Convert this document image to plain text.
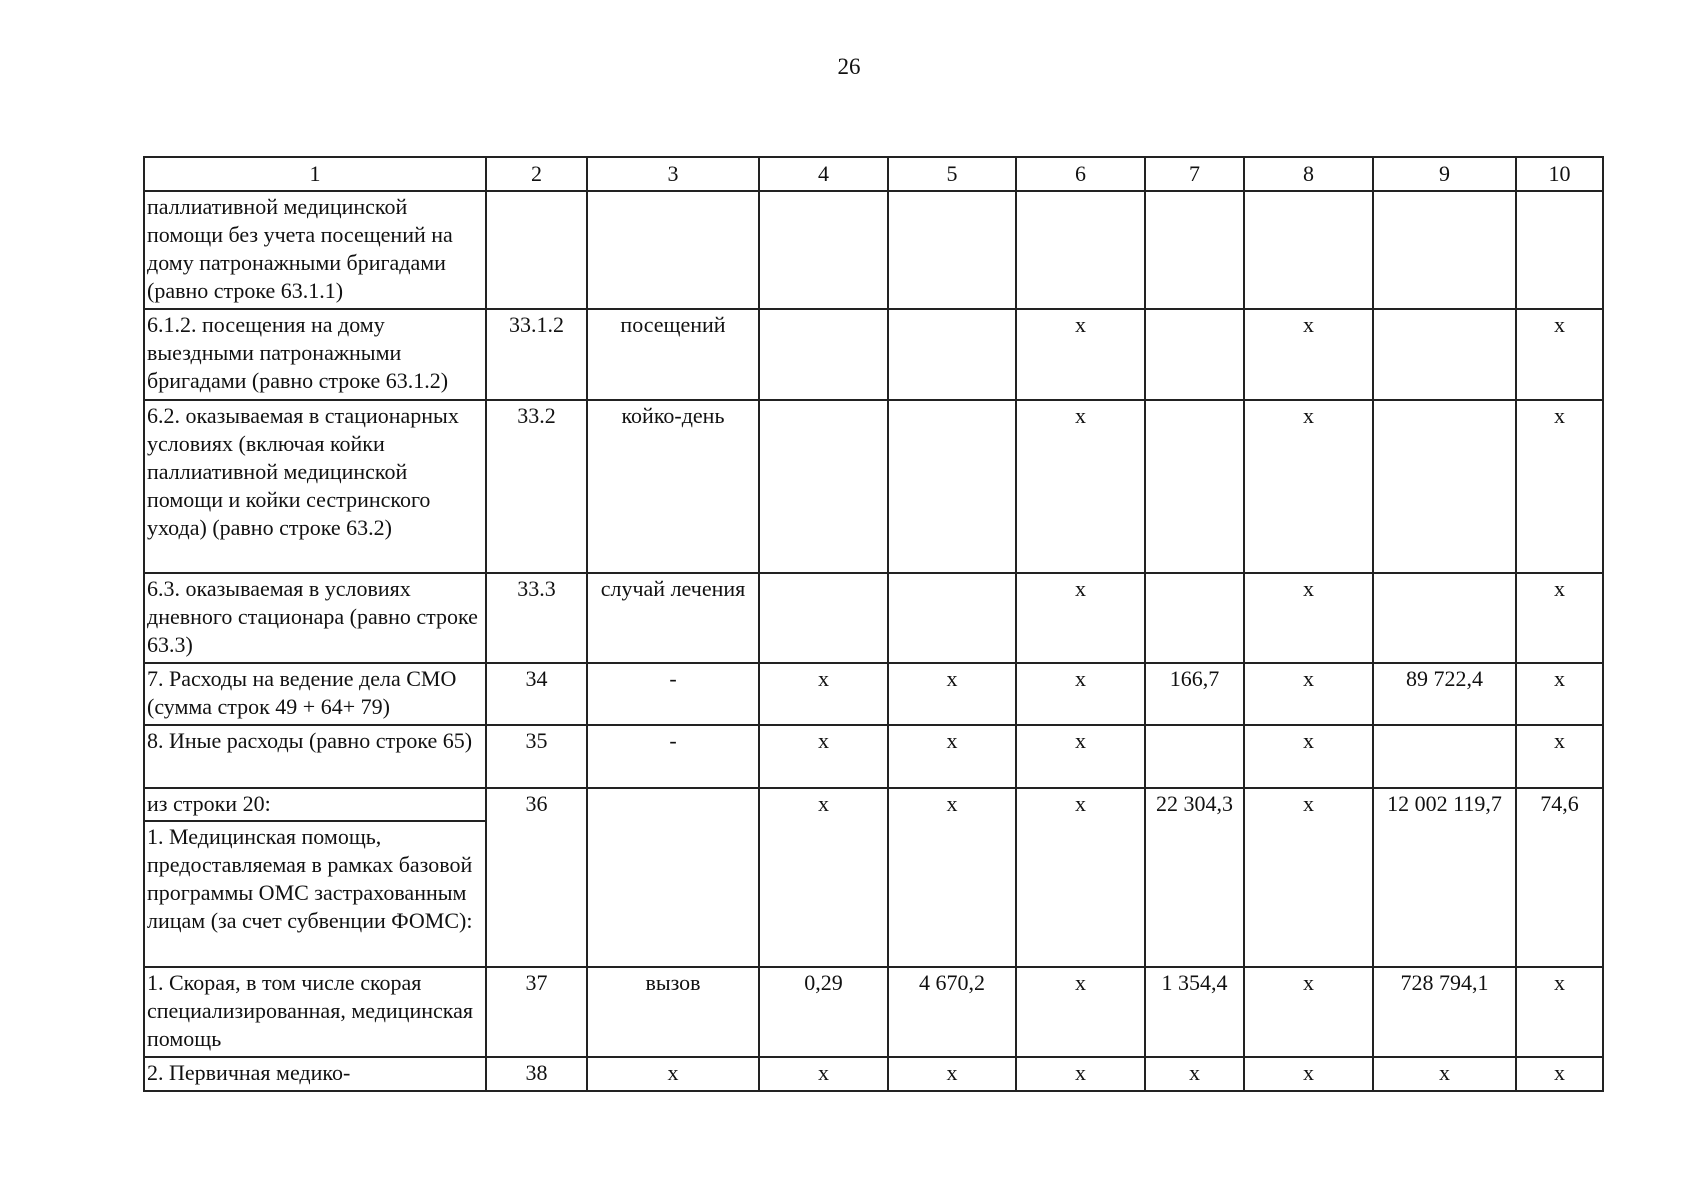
26
1	2	3	4	5	6	7	8	9	10
паллиативной медицинской помощи без учета посещений на дому патронажными бригадами (равно строке 63.1.1)									
6.1.2. посещения на дому выездными патронажными бригадами (равно строке 63.1.2)	33.1.2	посещений			х		х		х
6.2. оказываемая в стационарных условиях (включая койки паллиативной медицинской помощи и койки сестринского ухода) (равно строке 63.2)	33.2	койко-день			х		х		х
6.3. оказываемая в условиях дневного стационара (равно строке 63.3)	33.3	случай лечения			х		х		х
7. Расходы на ведение дела СМО (сумма строк 49 + 64+ 79)	34	-	х	х	х	166,7	х	89 722,4	х
8. Иные расходы (равно строке 65)	35	-	х	х	х		х		х
из строки 20:	36		х	х	х	22 304,3	х	12 002 119,7	74,6
1. Медицинская помощь, предоставляемая в рамках базовой программы ОМС застрахованным лицам (за счет субвенции ФОМС):									
1. Скорая, в том числе скорая специализированная, медицинская помощь	37	вызов	0,29	4 670,2	х	1 354,4	х	728 794,1	х
2. Первичная медико-	38	х	х	х	х	х	х	х	х
